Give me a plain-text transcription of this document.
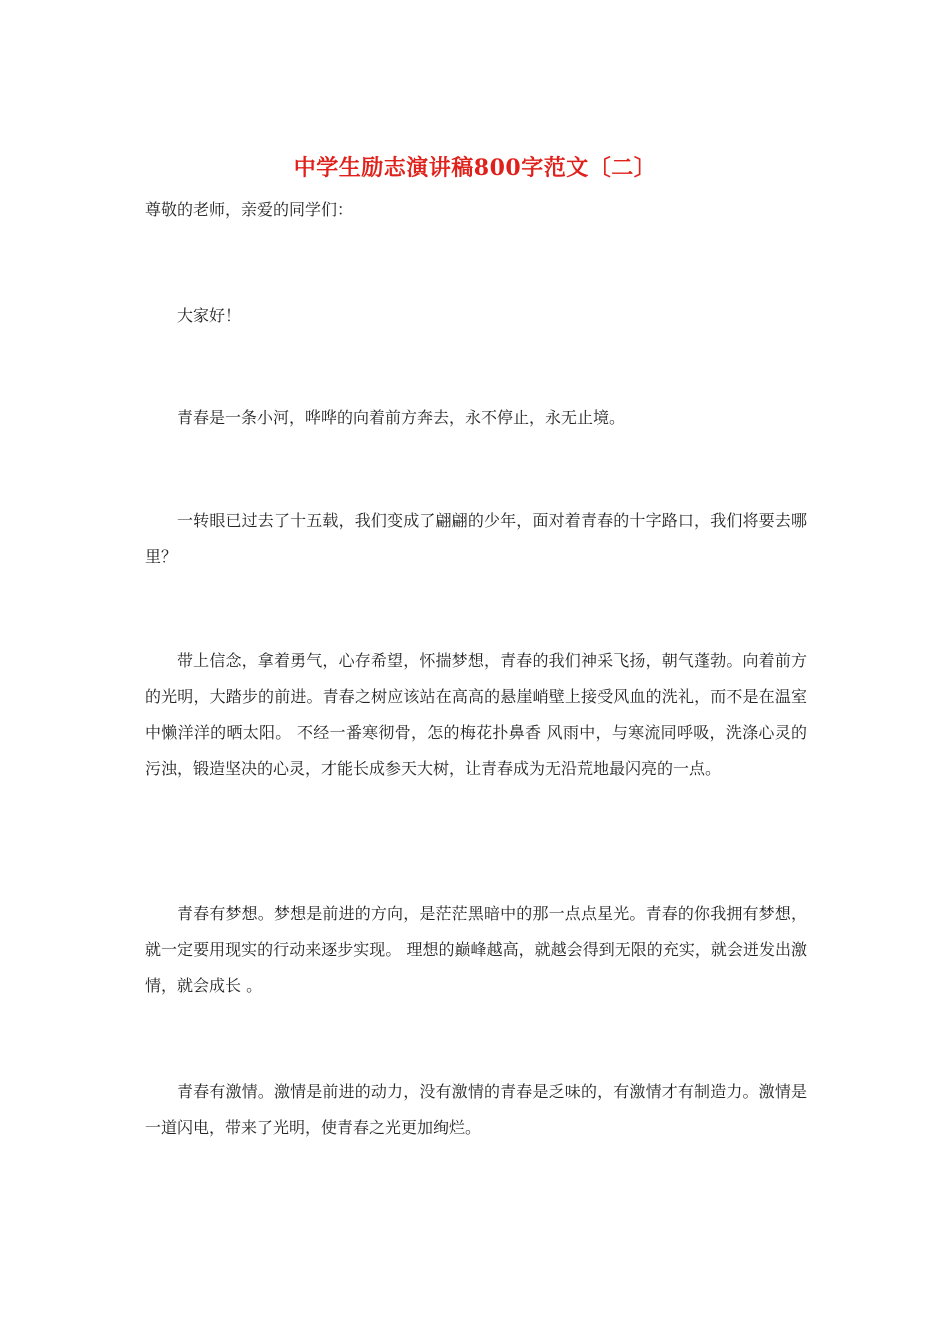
中学生励志演讲稿800字范文〔二〕

尊敬的老师，亲爱的同学们：

大家好！

青春是一条小河，哗哗的向着前方奔去，永不停止，永无止境。

一转眼已过去了十五载，我们变成了翩翩的少年，面对着青春的十字路口，我们将要去哪里？

带上信念，拿着勇气，心存希望，怀揣梦想，青春的我们神采飞扬，朝气蓬勃。向着前方的光明，大踏步的前进。青春之树应该站在高高的悬崖峭壁上接受风血的洗礼，而不是在温室中懒洋洋的晒太阳。 不经一番寒彻骨，怎的梅花扑鼻香 风雨中，与寒流同呼吸，洗涤心灵的污浊，锻造坚决的心灵，才能长成参天大树，让青春成为无沿荒地最闪亮的一点。

青春有梦想。梦想是前进的方向，是茫茫黑暗中的那一点点星光。青春的你我拥有梦想，就一定要用现实的行动来逐步实现。 理想的巅峰越高，就越会得到无限的充实，就会迸发出激情，就会成长 。

青春有激情。激情是前进的动力，没有激情的青春是乏味的，有激情才有制造力。激情是一道闪电，带来了光明，使青春之光更加绚烂。
